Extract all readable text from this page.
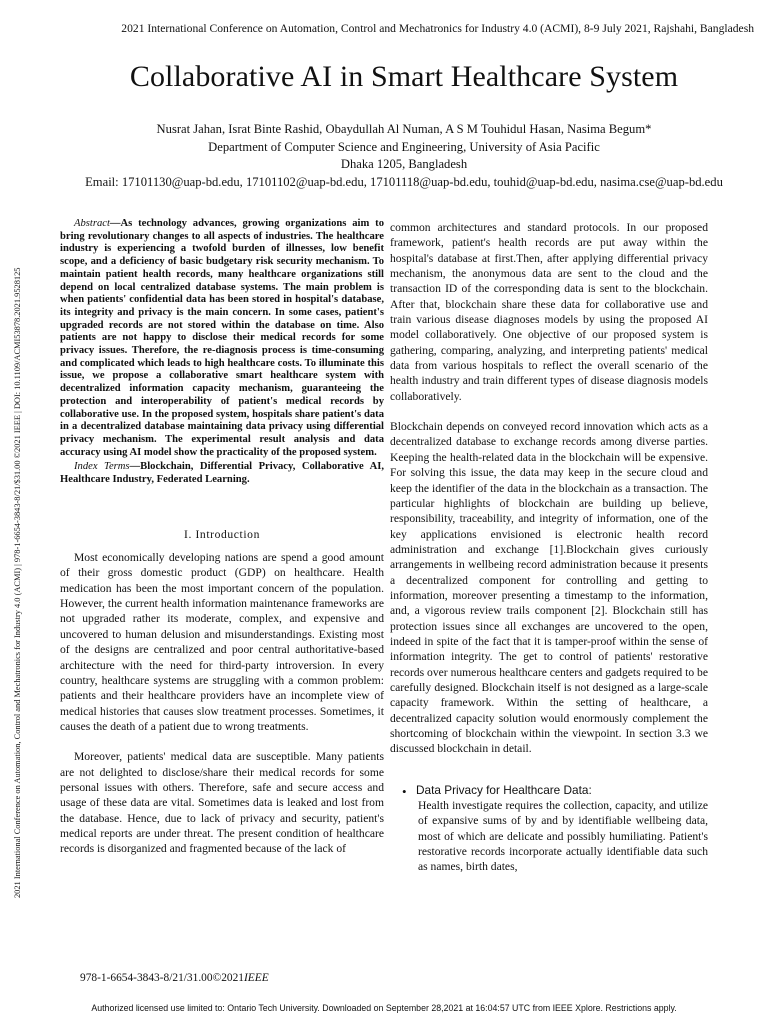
2021 International Conference on Automation, Control and Mechatronics for Industry 4.0 (ACMI), 8-9 July 2021, Rajshahi, Bangladesh
2021 International Conference on Automation, Control and Mechatronics for Industry 4.0 (ACMI) | 978-1-6654-3843-8/21/$31.00 ©2021 IEEE | DOI: 10.1109/ACMI53878.2021.9528125
Collaborative AI in Smart Healthcare System
Nusrat Jahan, Israt Binte Rashid, Obaydullah Al Numan, A S M Touhidul Hasan, Nasima Begum*
Department of Computer Science and Engineering, University of Asia Pacific
Dhaka 1205, Bangladesh
Email: 17101130@uap-bd.edu, 17101102@uap-bd.edu, 17101118@uap-bd.edu, touhid@uap-bd.edu, nasima.cse@uap-bd.edu

Abstract—As technology advances, growing organizations aim to bring revolutionary changes to all aspects of industries. The healthcare industry is experiencing a twofold burden of illnesses, low benefit scope, and a deficiency of basic budgetary risk security mechanism. To maintain patient health records, many healthcare organizations still depend on local centralized database systems. The main problem is when patients' confidential data has been stored in hospital's database, its integrity and privacy is the main concern. In some cases, patient's upgraded records are not stored within the database on time. Also patients are not happy to disclose their medical records for some privacy issues. Therefore, the re-diagnosis process is time-consuming and complicated which leads to high healthcare costs. To illuminate this issue, we propose a collaborative smart healthcare system with decentralized information capacity mechanism, guaranteeing the protection and interoperability of patient's medical records by collaborative use. In the proposed system, hospitals share patient's data in a decentralized database maintaining data privacy using differential privacy mechanism. The experimental result analysis and data accuracy using AI model show the practicality of the proposed system.

Index Terms—Blockchain, Differential Privacy, Collaborative AI, Healthcare Industry, Federated Learning.

I. Introduction

Most economically developing nations are spend a good amount of their gross domestic product (GDP) on healthcare. Health medication has been the most important concern of the population. However, the current health information maintenance frameworks are not upgraded rather its moderate, complex, and expensive and uncovered to human delusion and misunderstandings. Existing most of the designs are centralized and poor central authoritative-based architecture with the need for third-party introversion. In every country, healthcare systems are struggling with a common problem: patients and their healthcare providers have an incomplete view of medical histories that causes slow treatment processes. Sometimes, it causes the death of a patient due to wrong treatments.

Moreover, patients' medical data are susceptible. Many patients are not delighted to disclose/share their medical records for some personal issues with others. Therefore, safe and secure access and usage of these data are vital. Sometimes data is leaked and lost from the database. Hence, due to lack of privacy and security, patient's medical reports are under threat. The present condition of healthcare records is disorganized and fragmented because of the lack of

common architectures and standard protocols. In our proposed framework, patient's health records are put away within the hospital's database at first.Then, after applying differential privacy mechanism, the anonymous data are sent to the cloud and the transaction ID of the corresponding data is sent to the blockchain. After that, blockchain share these data for collaborative use and train various disease diagnoses models by using the proposed AI model collaboratively. One objective of our proposed system is gathering, comparing, analyzing, and interpreting patients' medical data from various hospitals to reflect the overall scenario of the health industry and train different types of disease diagnosis models collaboratively.

Blockchain depends on conveyed record innovation which acts as a decentralized database to exchange records among diverse parties. Keeping the health-related data in the blockchain will be expensive. For solving this issue, the data may keep in the secure cloud and keep the identifier of the data in the blockchain as a transaction. The particular highlights of blockchain are building up believe, responsibility, traceability, and integrity of information, one of the key applications envisioned is electronic health record administration and exchange [1].Blockchain gives curiously arrangements in wellbeing record administration because it presents a decentralized component for controlling and getting to information, moreover presenting a timestamp to the information, and, a vigorous review trails component [2]. Blockchain still has protection issues since all exchanges are uncovered to the open, indeed in spite of the fact that it is tamper-proof within the sense of information integrity. The get to control of patients' restorative records over numerous healthcare centers and gadgets required to be carefully designed. Blockchain itself is not designed as a large-scale capacity framework. Within the setting of healthcare, a decentralized capacity solution would enormously complement the shortcoming of blockchain within the viewpoint. In section 3.3 we discussed blockchain in detail.

• Data Privacy for Healthcare Data:

Health investigate requires the collection, capacity, and utilize of expansive sums of by and by identifiable wellbeing data, most of which are delicate and possibly humiliating. Patient's restorative records incorporate actually identifiable data such as names, birth dates,

978-1-6654-3843-8/21/31.00©2021IEEE
Authorized licensed use limited to: Ontario Tech University. Downloaded on September 28,2021 at 16:04:57 UTC from IEEE Xplore. Restrictions apply.
